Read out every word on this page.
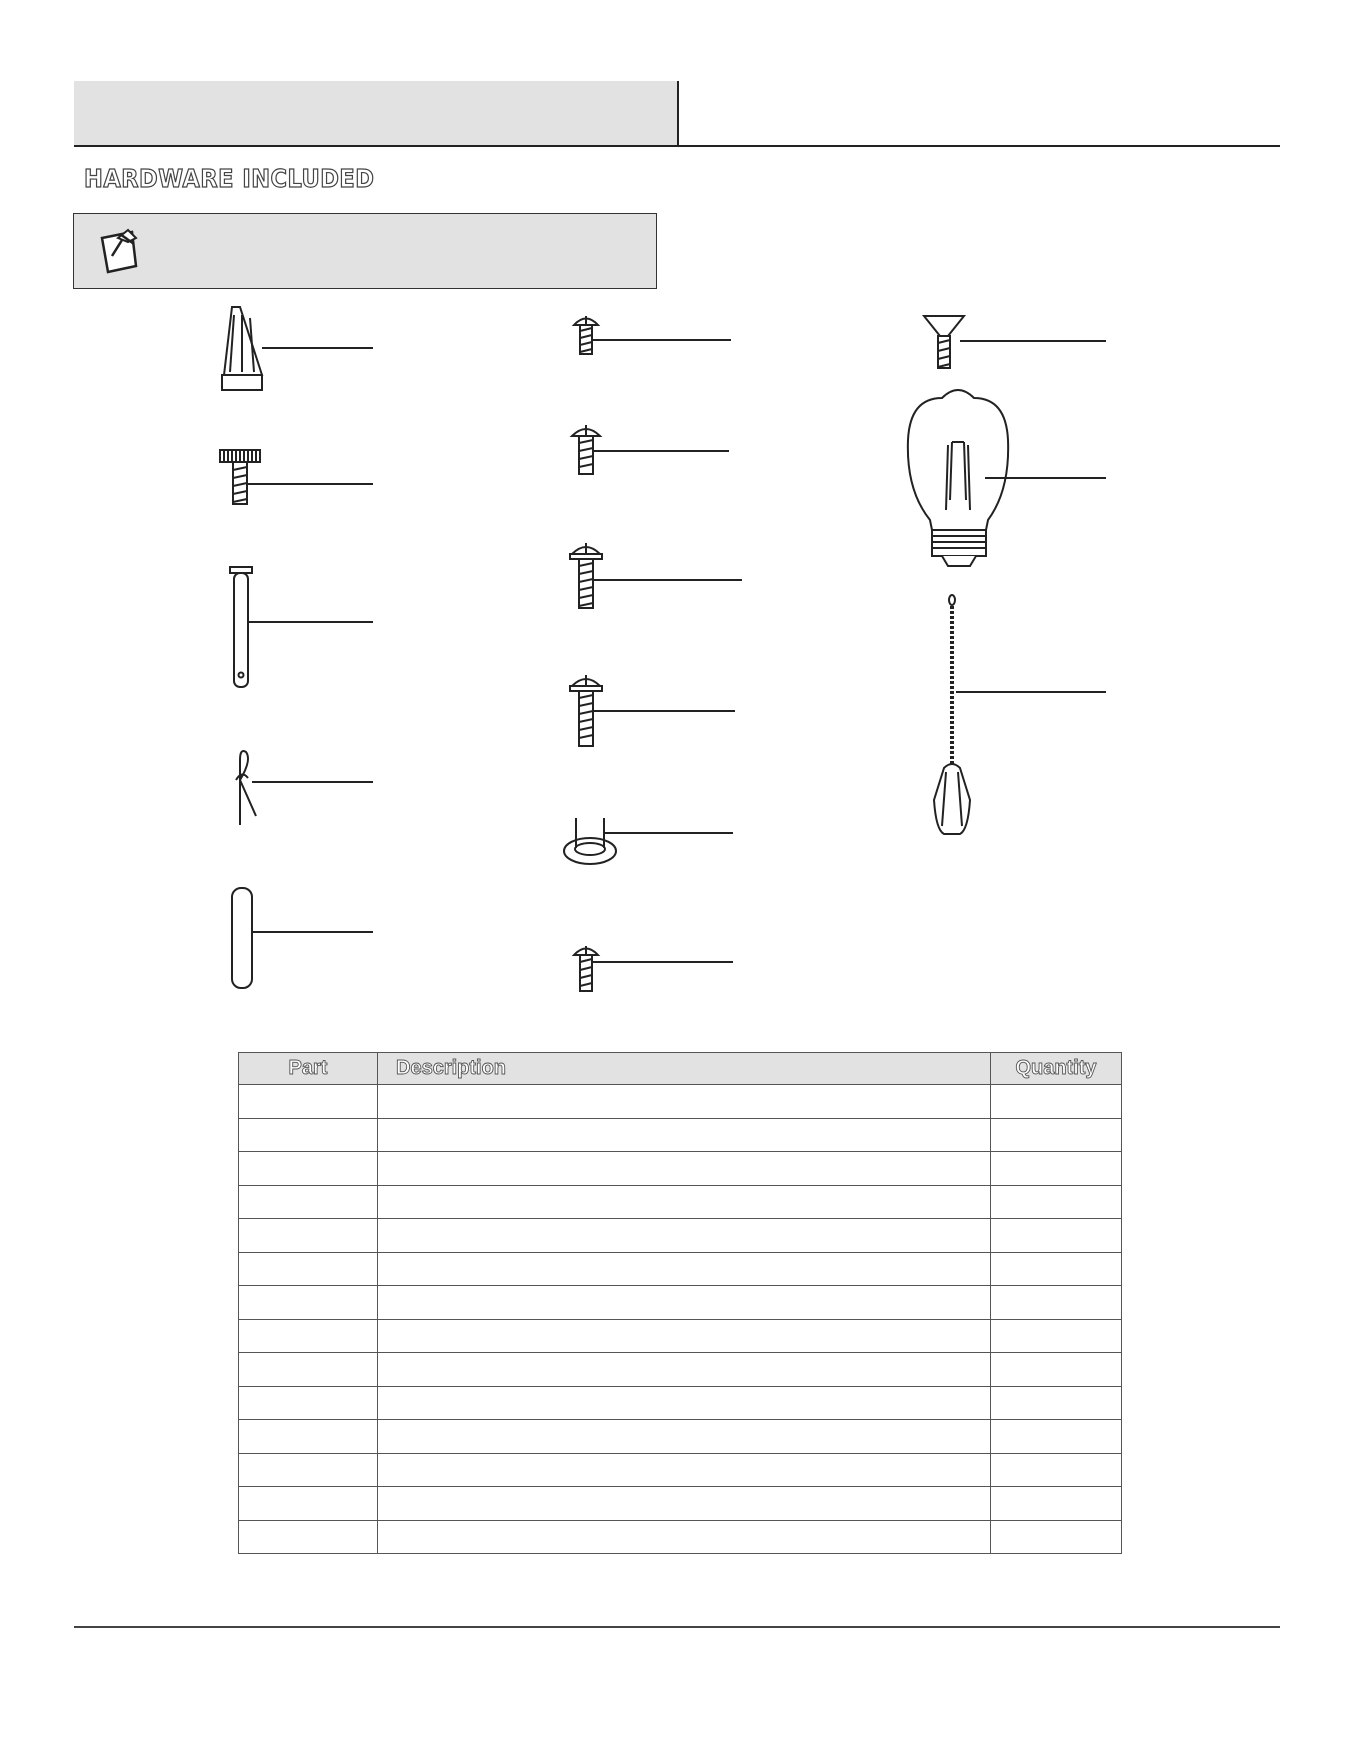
HARDWARE INCLUDED
Part	Description	Quantity
